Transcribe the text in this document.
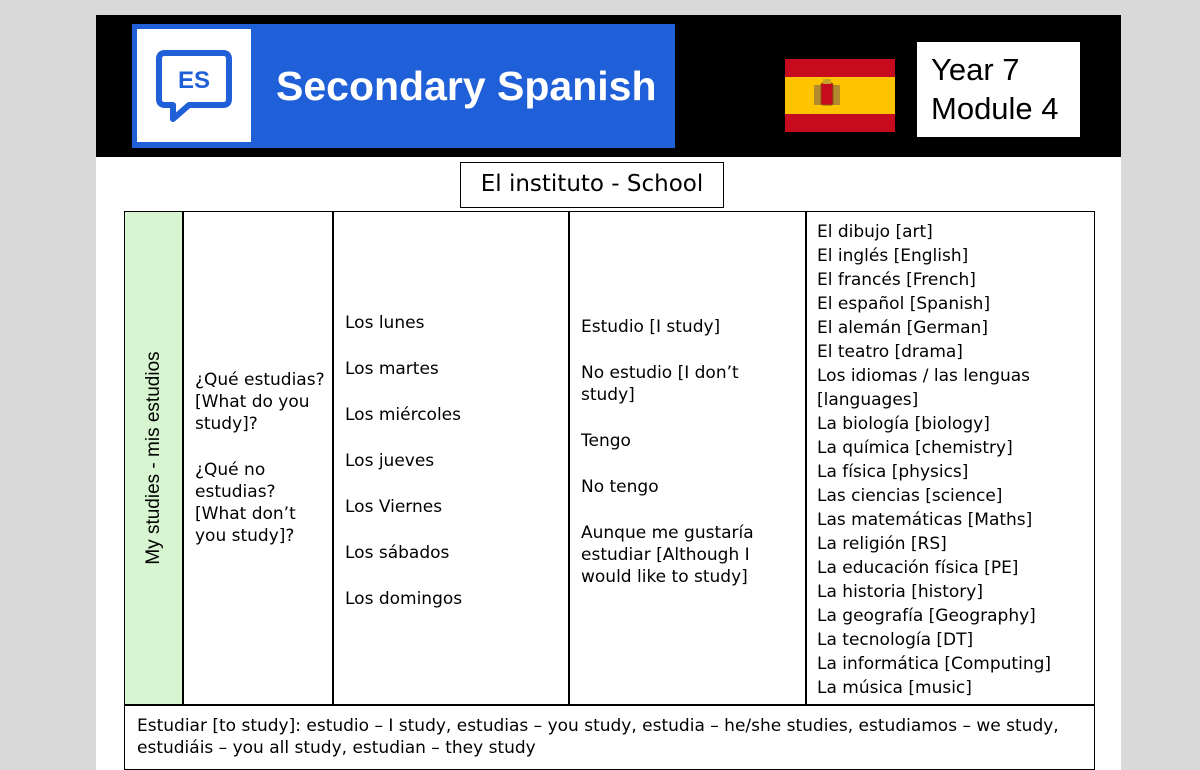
ES Secondary Spanish	Year 7
Module 4
El instituto - School
My studies - mis estudios ¿Qué estudias? [What do you study]?
¿Qué no estudias? [What don’t you study]?
Los lunes
Los martes
Los miércoles
Los jueves
Los Viernes
Los sábados
Los domingos
Estudio [I study]
No estudio [I don’t study]
Tengo
No tengo
Aunque me gustaría estudiar [Although I would like to study]
El dibujo [art]
El inglés [English]
El francés [French]
El español [Spanish]
El alemán [German]
El teatro [drama]
Los idiomas / las lenguas [languages]
La biología [biology]
La química [chemistry]
La física [physics]
Las ciencias [science]
Las matemáticas [Maths]
La religión [RS]
La educación física [PE]
La historia [history]
La geografía [Geography]
La tecnología [DT]
La informática [Computing]
La música [music]
Estudiar [to study]: estudio – I study, estudias – you study, estudia – he/she studies, estudiamos – we study, estudiáis – you all study, estudian – they study
